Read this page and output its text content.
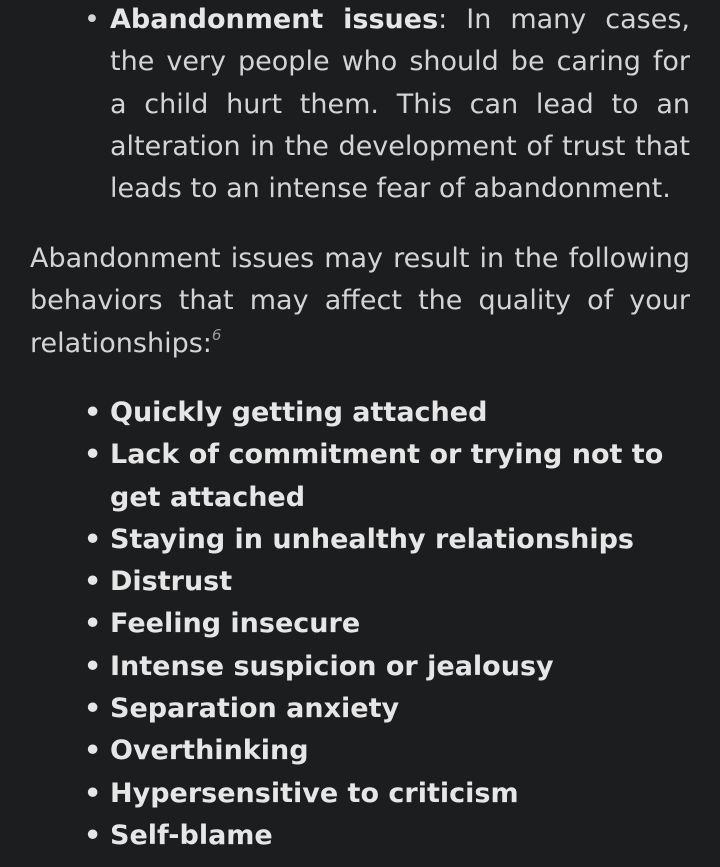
• Abandonment issues: In many cases, the very people who should be caring for a child hurt them. This can lead to an alteration in the development of trust that leads to an intense fear of abandonment.

Abandonment issues may result in the following behaviors that may affect the quality of your relationships:$^6$

• Quickly getting attached
• Lack of commitment or trying not to get attached
• Staying in unhealthy relationships
• Distrust
• Feeling insecure
• Intense suspicion or jealousy
• Separation anxiety
• Overthinking
• Hypersensitive to criticism
• Self-blame
